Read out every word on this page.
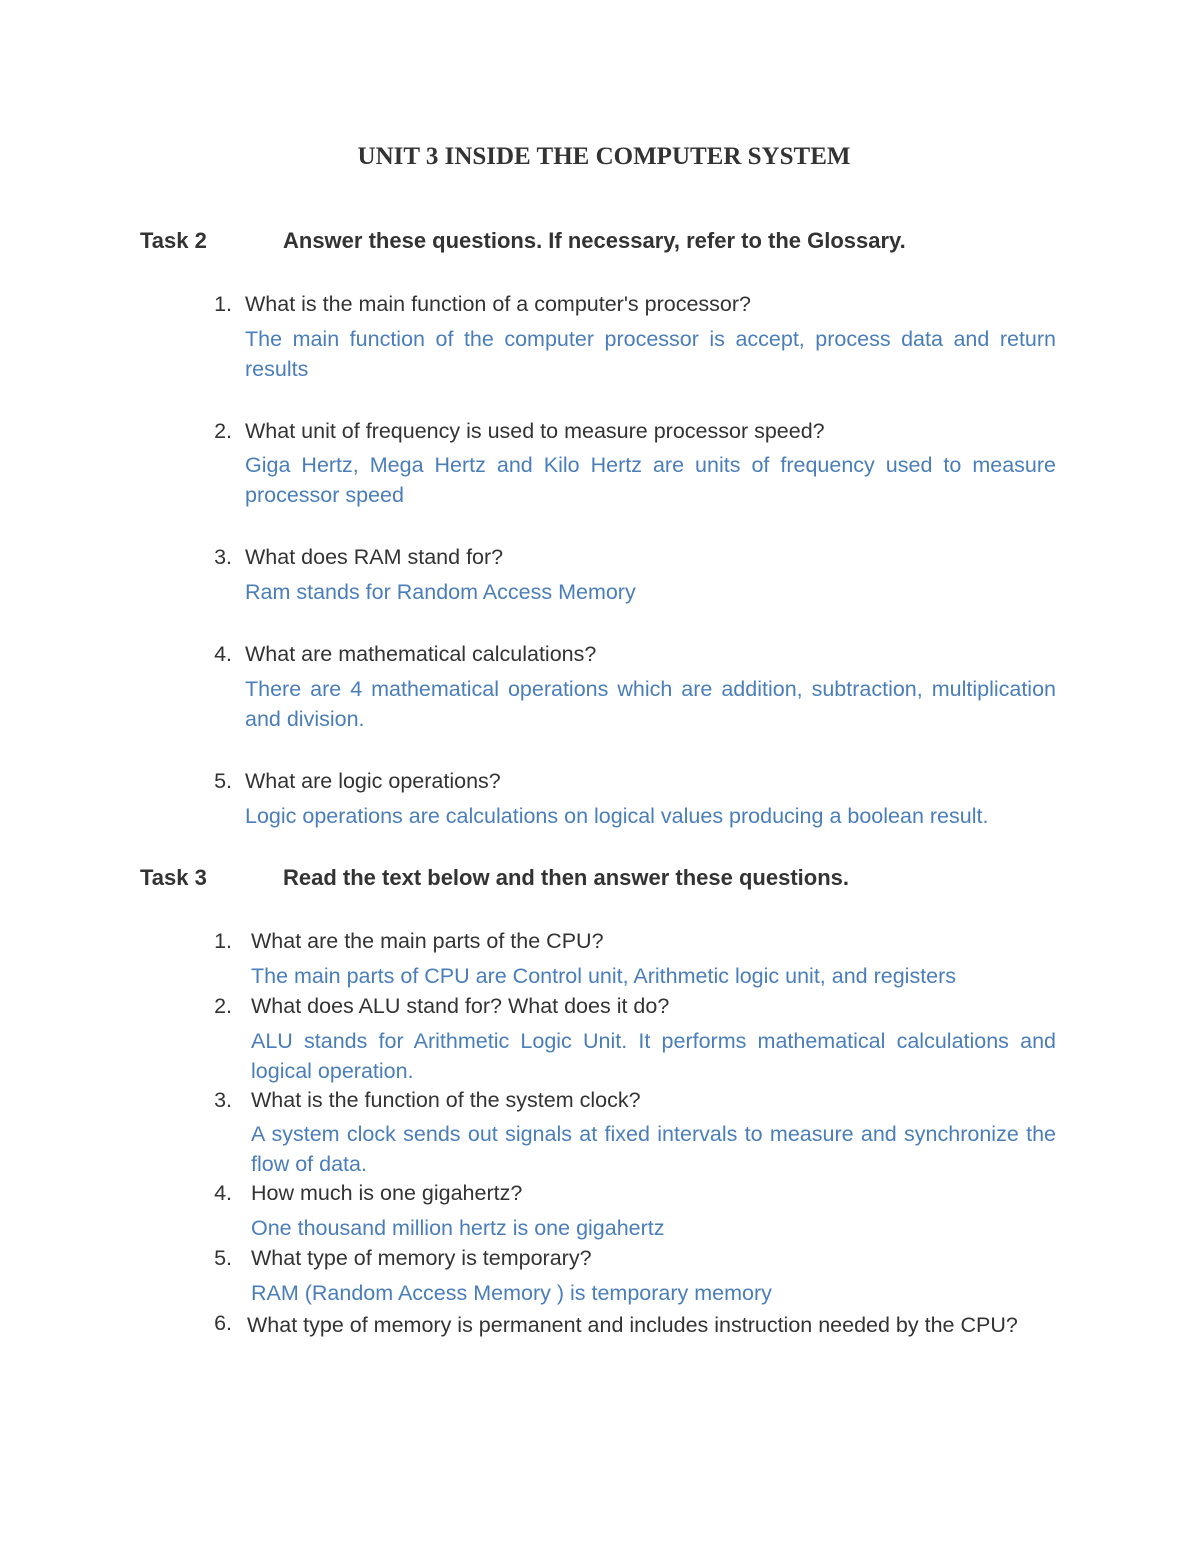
UNIT 3 INSIDE THE COMPUTER SYSTEM
Task 2	Answer these questions. If necessary, refer to the Glossary.
1. What is the main function of a computer's processor?
The main function of the computer processor is accept, process data and return results
2. What unit of frequency is used to measure processor speed?
Giga Hertz, Mega Hertz and Kilo Hertz are units of frequency used to measure processor speed
3. What does RAM stand for?
Ram stands for Random Access Memory
4. What are mathematical calculations?
There are 4 mathematical operations which are addition, subtraction, multiplication and division.
5. What are logic operations?
Logic operations are calculations on logical values producing a boolean result.
Task 3	Read the text below and then answer these questions.
1. What are the main parts of the CPU?
The main parts of CPU are Control unit, Arithmetic logic unit, and registers
2. What does ALU stand for? What does it do?
ALU stands for Arithmetic Logic Unit. It performs mathematical calculations and logical operation.
3. What is the function of the system clock?
A system clock sends out signals at fixed intervals to measure and synchronize the flow of data.
4. How much is one gigahertz?
One thousand million hertz is one gigahertz
5. What type of memory is temporary?
RAM (Random Access Memory ) is temporary memory
6. What type of memory is permanent and includes instruction needed by the CPU?
